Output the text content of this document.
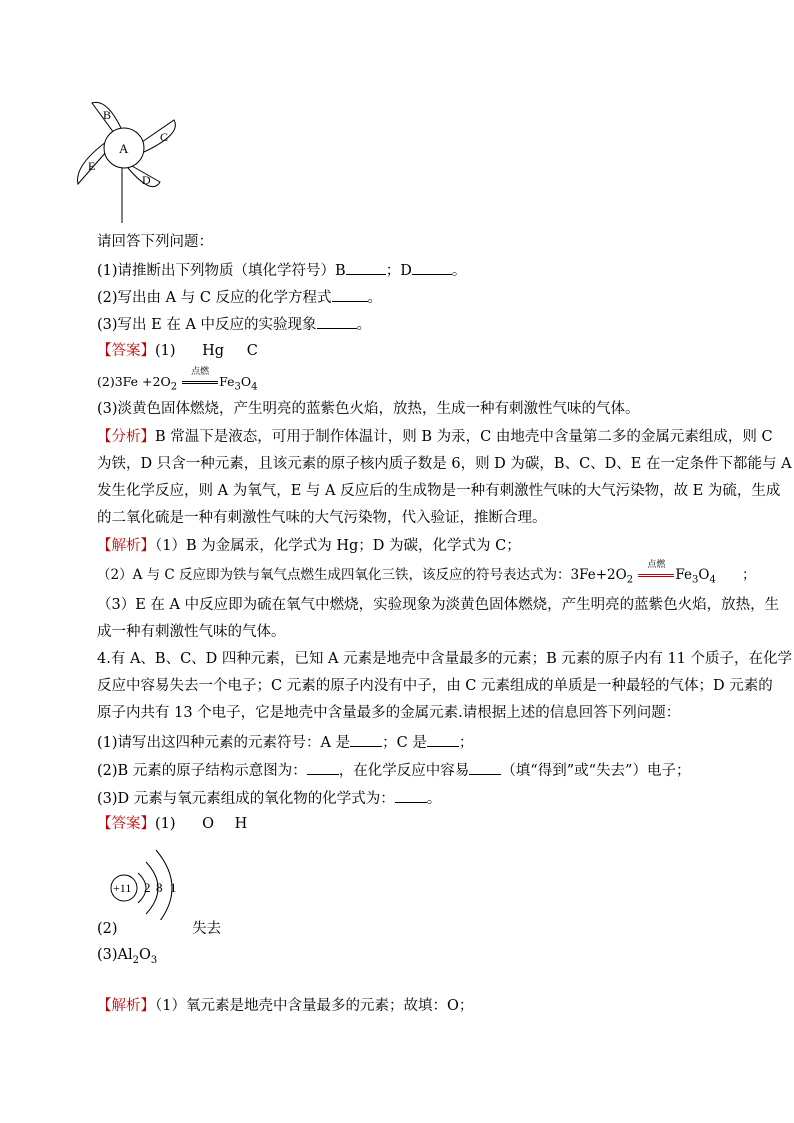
A
B
C
D
E
请回答下列问题：
(1)请推断出下列物质（填化学符号）B	；D	。
(2)写出由 A 与 C 反应的化学方程式 。
(3)写出 E 在 A 中反应的实验现象	。
【答案】(1) Hg C
$(2)3Fe +2O_2$
点燃
$Fe_3O_4$
(3)淡黄色固体燃烧，产生明亮的蓝紫色火焰，放热，生成一种有刺激性气味的气体。
【分析】B 常温下是液态，可用于制作体温计，则 B 为汞，C 由地壳中含量第二多的金属元素组成，则 C
为铁，D 只含一种元素，且该元素的原子核内质子数是 6，则 D 为碳，B、C、D、E 在一定条件下都能与 A
发生化学反应，则 A 为氧气，E 与 A 反应后的生成物是一种有刺激性气味的大气污染物，故 E 为硫，生成
的二氧化硫是一种有刺激性气味的大气污染物，代入验证，推断合理。
【解析】（1）B 为金属汞，化学式为 Hg；D 为碳，化学式为 C；
（2）A 与 C 反应即为铁与氧气点燃生成四氧化三铁，该反应的符号表达式为：$3Fe+2O_2$
点燃
$Fe_3O_4$ ；
（3）E 在 A 中反应即为硫在氧气中燃烧，实验现象为淡黄色固体燃烧，产生明亮的蓝紫色火焰，放热，生
成一种有刺激性气味的气体。
4.有 A、B、C、D 四种元素，已知 A 元素是地壳中含量最多的元素；B 元素的原子内有 11 个质子，在化学
反应中容易失去一个电子；C 元素的原子内没有中子，由 C 元素组成的单质是一种最轻的气体；D 元素的
原子内共有 13 个电子，它是地壳中含量最多的金属元素.请根据上述的信息回答下列问题：
(1)请写出这四种元素的元素符号：A 是 ；C 是 ；
(2)B 元素的原子结构示意图为： ，在化学反应中容易 （填“得到”或“失去”）电子；
(3)D 元素与氧元素组成的氧化物的化学式为： 。
【答案】(1) O H
+11 2 8 1
(2)	失去
$(3)Al_2O_3$
【解析】（1）氧元素是地壳中含量最多的元素；故填：O；
